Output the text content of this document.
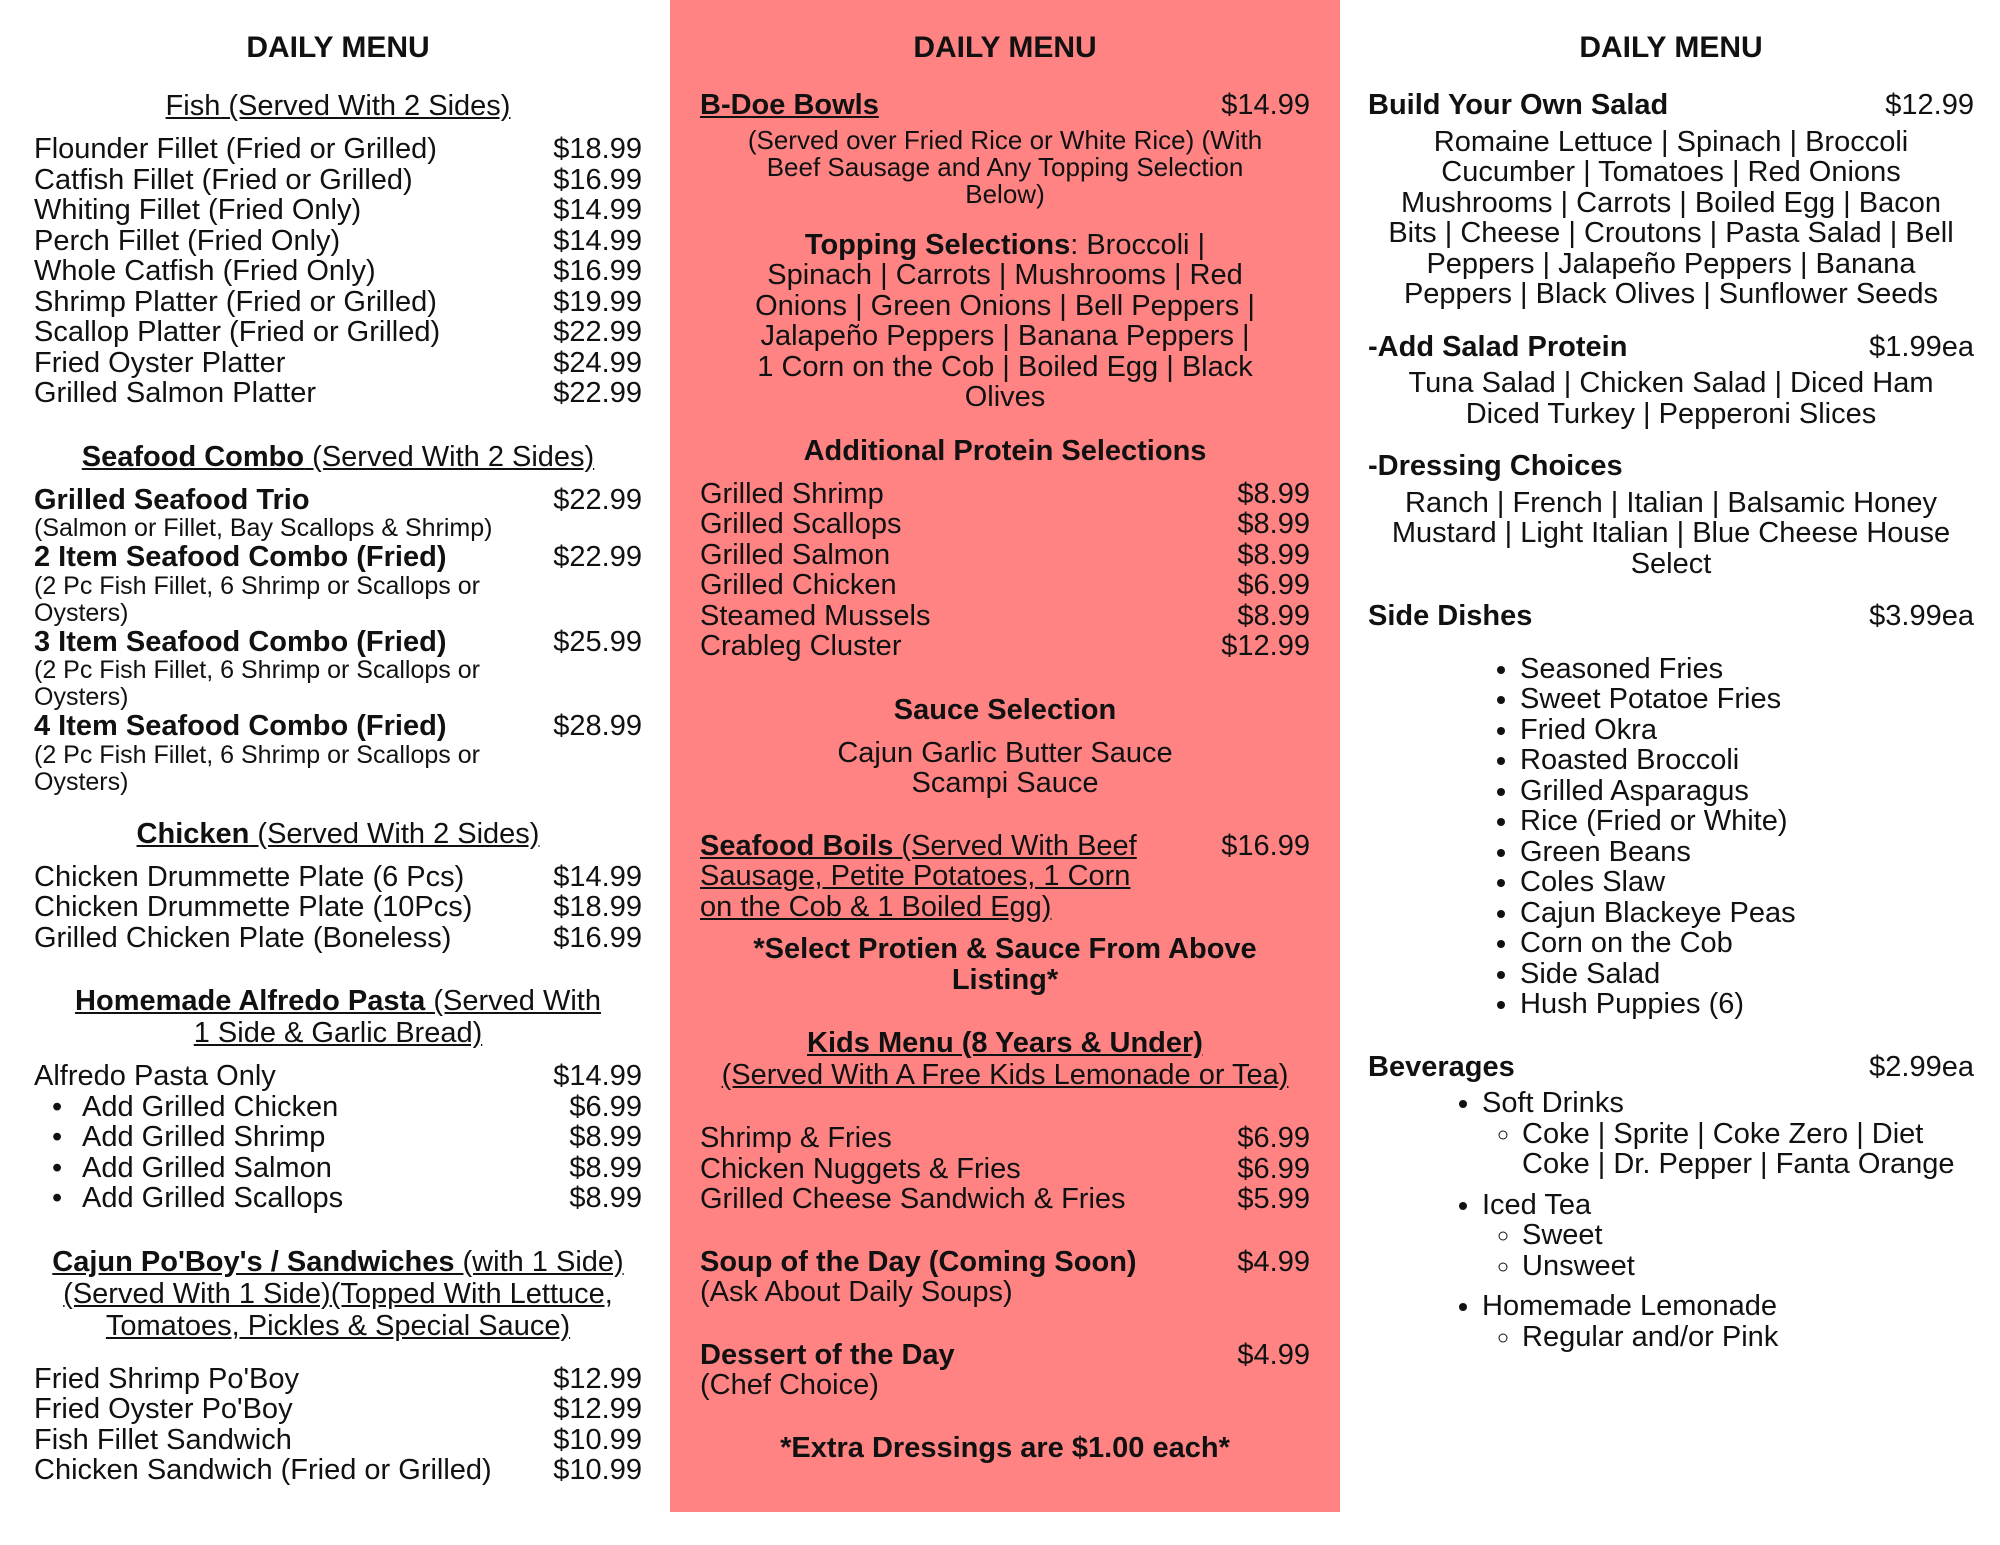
DAILY MENU
Fish (Served With 2 Sides)
Flounder Fillet (Fried or Grilled)	$18.99
Catfish Fillet (Fried or Grilled)	$16.99
Whiting Fillet (Fried Only)	$14.99
Perch Fillet (Fried Only)	$14.99
Whole Catfish (Fried Only)	$16.99
Shrimp Platter (Fried or Grilled)	$19.99
Scallop Platter (Fried or Grilled)	$22.99
Fried Oyster Platter	$24.99
Grilled Salmon Platter	$22.99
Seafood Combo (Served With 2 Sides)
Grilled Seafood Trio	$22.99
(Salmon or Fillet, Bay Scallops & Shrimp)
2 Item Seafood Combo (Fried)	$22.99
(2 Pc Fish Fillet, 6 Shrimp or Scallops or Oysters)
3 Item Seafood Combo (Fried)	$25.99
(2 Pc Fish Fillet, 6 Shrimp or Scallops or Oysters)
4 Item Seafood Combo (Fried)	$28.99
(2 Pc Fish Fillet, 6 Shrimp or Scallops or Oysters)
Chicken (Served With 2 Sides)
Chicken Drummette Plate (6 Pcs)	$14.99
Chicken Drummette Plate (10Pcs)	$18.99
Grilled Chicken Plate (Boneless)	$16.99
Homemade Alfredo Pasta (Served With 1 Side & Garlic Bread)
Alfredo Pasta Only	$14.99
• Add Grilled Chicken	$6.99
• Add Grilled Shrimp	$8.99
• Add Grilled Salmon	$8.99
• Add Grilled Scallops	$8.99
Cajun Po'Boy's / Sandwiches (with 1 Side)
(Served With 1 Side)(Topped With Lettuce, Tomatoes, Pickles & Special Sauce)
Fried Shrimp Po'Boy	$12.99
Fried Oyster Po'Boy	$12.99
Fish Fillet Sandwich	$10.99
Chicken Sandwich (Fried or Grilled)	$10.99
DAILY MENU
B-Doe Bowls	$14.99
(Served over Fried Rice or White Rice) (With Beef Sausage and Any Topping Selection Below)
Topping Selections: Broccoli | Spinach | Carrots | Mushrooms | Red Onions | Green Onions | Bell Peppers | Jalapeño Peppers | Banana Peppers | 1 Corn on the Cob | Boiled Egg | Black Olives
Additional Protein Selections
Grilled Shrimp	$8.99
Grilled Scallops	$8.99
Grilled Salmon	$8.99
Grilled Chicken	$6.99
Steamed Mussels	$8.99
Crableg Cluster	$12.99
Sauce Selection
Cajun Garlic Butter Sauce
Scampi Sauce
Seafood Boils (Served With Beef Sausage, Petite Potatoes, 1 Corn on the Cob & 1 Boiled Egg)
$16.99
*Select Protien & Sauce From Above Listing*
Kids Menu (8 Years & Under)
(Served With A Free Kids Lemonade or Tea)
Shrimp & Fries	$6.99
Chicken Nuggets & Fries	$6.99
Grilled Cheese Sandwich & Fries	$5.99
Soup of the Day (Coming Soon)	$4.99
(Ask About Daily Soups)
Dessert of the Day	$4.99
(Chef Choice)
*Extra Dressings are $1.00 each*
DAILY MENU
Build Your Own Salad	$12.99
Romaine Lettuce | Spinach | Broccoli Cucumber | Tomatoes | Red Onions Mushrooms | Carrots | Boiled Egg | Bacon Bits | Cheese | Croutons | Pasta Salad | Bell Peppers | Jalapeño Peppers | Banana Peppers | Black Olives | Sunflower Seeds
-Add Salad Protein	$1.99ea
Tuna Salad | Chicken Salad | Diced Ham Diced Turkey | Pepperoni Slices
-Dressing Choices
Ranch | French | Italian | Balsamic Honey Mustard | Light Italian | Blue Cheese House Select
Side Dishes	$3.99ea
• Seasoned Fries
• Sweet Potatoe Fries
• Fried Okra
• Roasted Broccoli
• Grilled Asparagus
• Rice (Fried or White)
• Green Beans
• Coles Slaw
• Cajun Blackeye Peas
• Corn on the Cob
• Side Salad
• Hush Puppies (6)
Beverages	$2.99ea
• Soft Drinks
◦ Coke | Sprite | Coke Zero | Diet Coke | Dr. Pepper | Fanta Orange
• Iced Tea
◦ Sweet
◦ Unsweet
• Homemade Lemonade
◦ Regular and/or Pink
